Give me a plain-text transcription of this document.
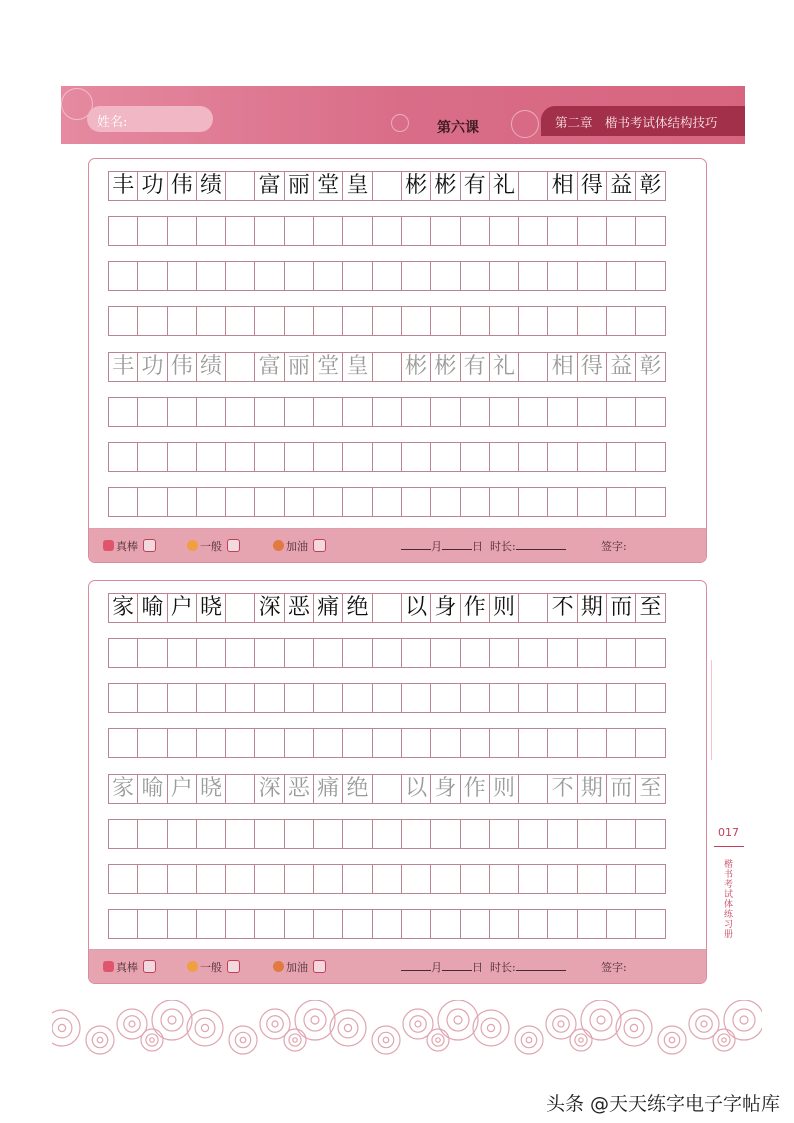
姓名:	第六课	第二章　楷书考试体结构技巧
真棒	一般	加油	月	日 时长:	签字:
丰 功 伟 绩 富 丽 堂 皇 彬 彬 有 礼 相 得 益 彰
丰 功 伟 绩 富 丽 堂 皇 彬 彬 有 礼 相 得 益 彰
真棒	一般	加油	月	日 时长:	签字:
家 喻 户 晓 深 恶 痛 绝 以 身 作 则 不 期 而 至
家 喻 户 晓 深 恶 痛 绝 以 身 作 则 不 期 而 至
017
楷书考试体练习册
头条 @天天练字电子字帖库
